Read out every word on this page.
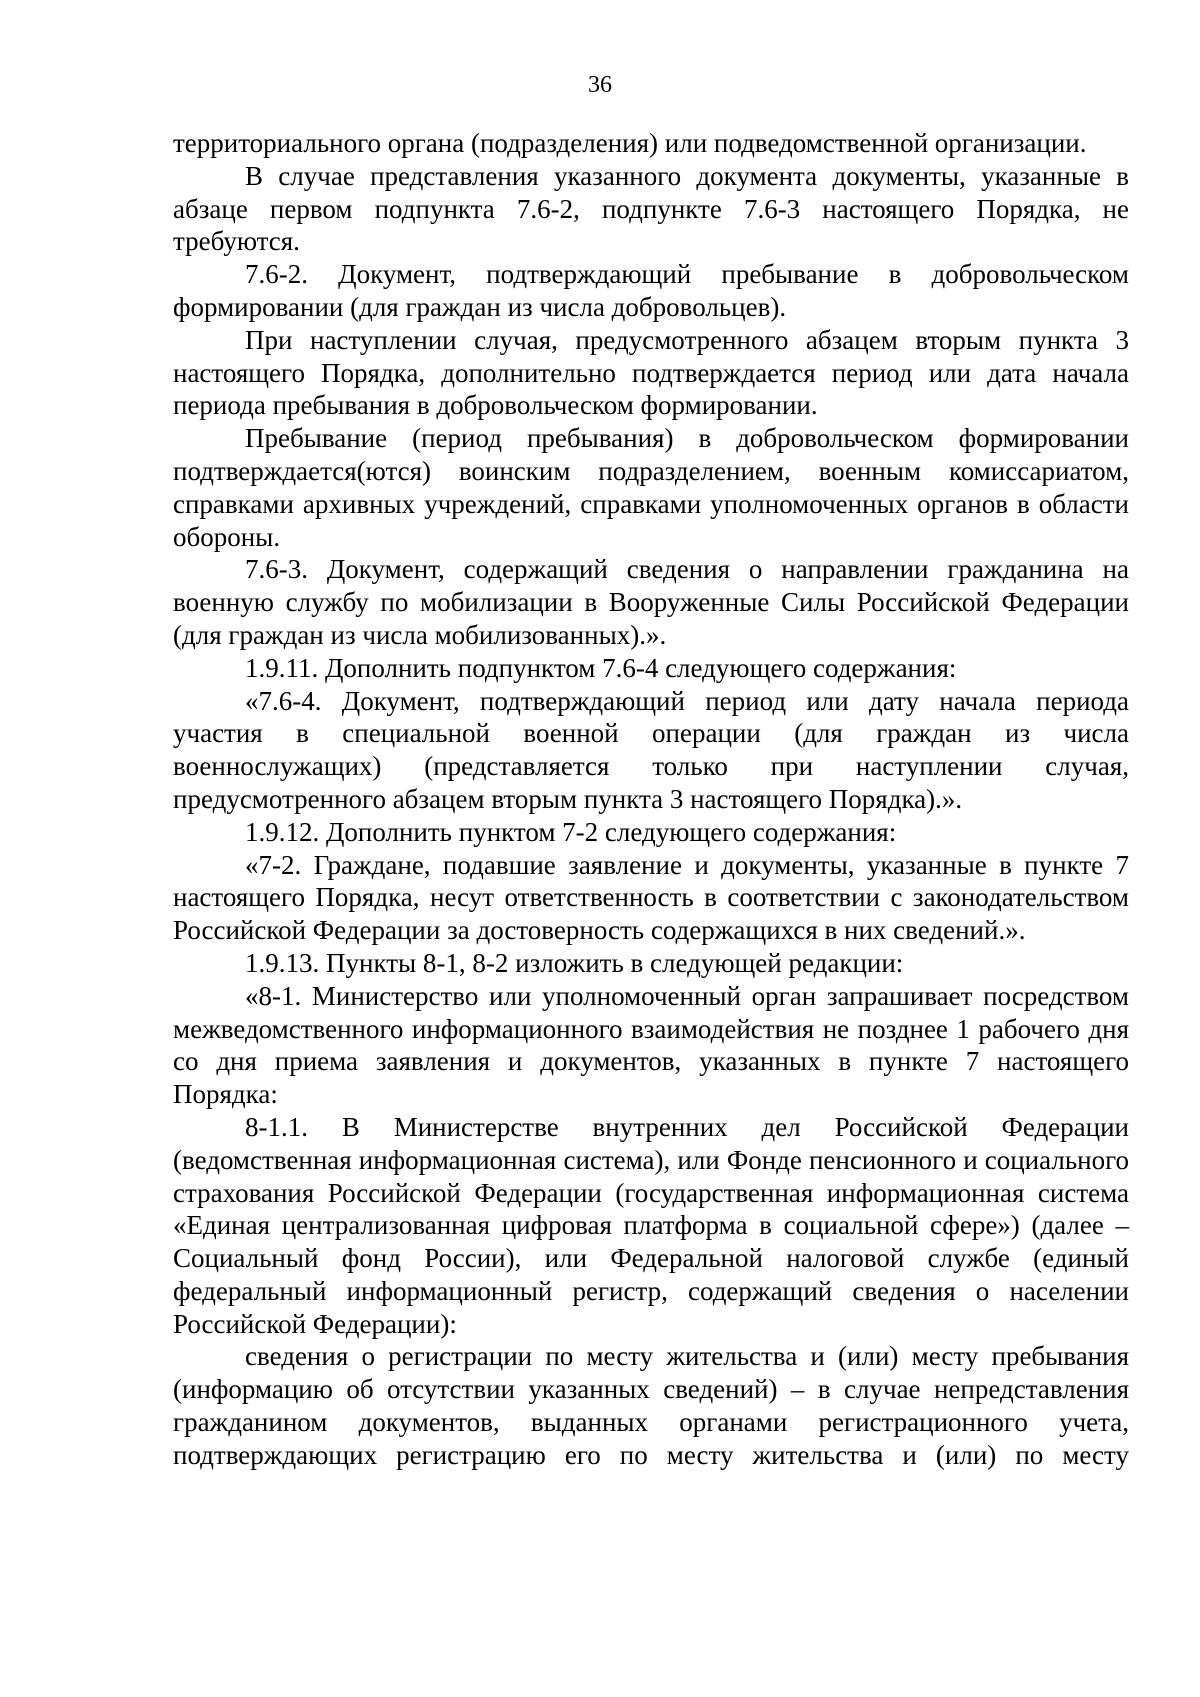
36

территориального органа (подразделения) или подведомственной организации.

В случае представления указанного документа документы, указанные в абзаце первом подпункта 7.6-2, подпункте 7.6-3 настоящего Порядка, не требуются.

7.6-2. Документ, подтверждающий пребывание в добровольческом формировании (для граждан из числа добровольцев).

При наступлении случая, предусмотренного абзацем вторым пункта 3 настоящего Порядка, дополнительно подтверждается период или дата начала периода пребывания в добровольческом формировании.

Пребывание (период пребывания) в добровольческом формировании подтверждается(ются) воинским подразделением, военным комиссариатом, справками архивных учреждений, справками уполномоченных органов в области обороны.

7.6-3. Документ, содержащий сведения о направлении гражданина на военную службу по мобилизации в Вооруженные Силы Российской Федерации (для граждан из числа мобилизованных).».

1.9.11. Дополнить подпунктом 7.6-4 следующего содержания:

«7.6-4. Документ, подтверждающий период или дату начала периода участия в специальной военной операции (для граждан из числа военнослужащих) (представляется только при наступлении случая, предусмотренного абзацем вторым пункта 3 настоящего Порядка).».

1.9.12. Дополнить пунктом 7-2 следующего содержания:

«7-2. Граждане, подавшие заявление и документы, указанные в пункте 7 настоящего Порядка, несут ответственность в соответствии с законодательством Российской Федерации за достоверность содержащихся в них сведений.».

1.9.13. Пункты 8-1, 8-2 изложить в следующей редакции:

«8-1. Министерство или уполномоченный орган запрашивает посредством межведомственного информационного взаимодействия не позднее 1 рабочего дня со дня приема заявления и документов, указанных в пункте 7 настоящего Порядка:

8-1.1. В Министерстве внутренних дел Российской Федерации (ведомственная информационная система), или Фонде пенсионного и социального страхования Российской Федерации (государственная информационная система «Единая централизованная цифровая платформа в социальной сфере») (далее – Социальный фонд России), или Федеральной налоговой службе (единый федеральный информационный регистр, содержащий сведения о населении Российской Федерации):

сведения о регистрации по месту жительства и (или) месту пребывания (информацию об отсутствии указанных сведений) – в случае непредставления гражданином документов, выданных органами регистрационного учета, подтверждающих регистрацию его по месту жительства и (или) по месту
